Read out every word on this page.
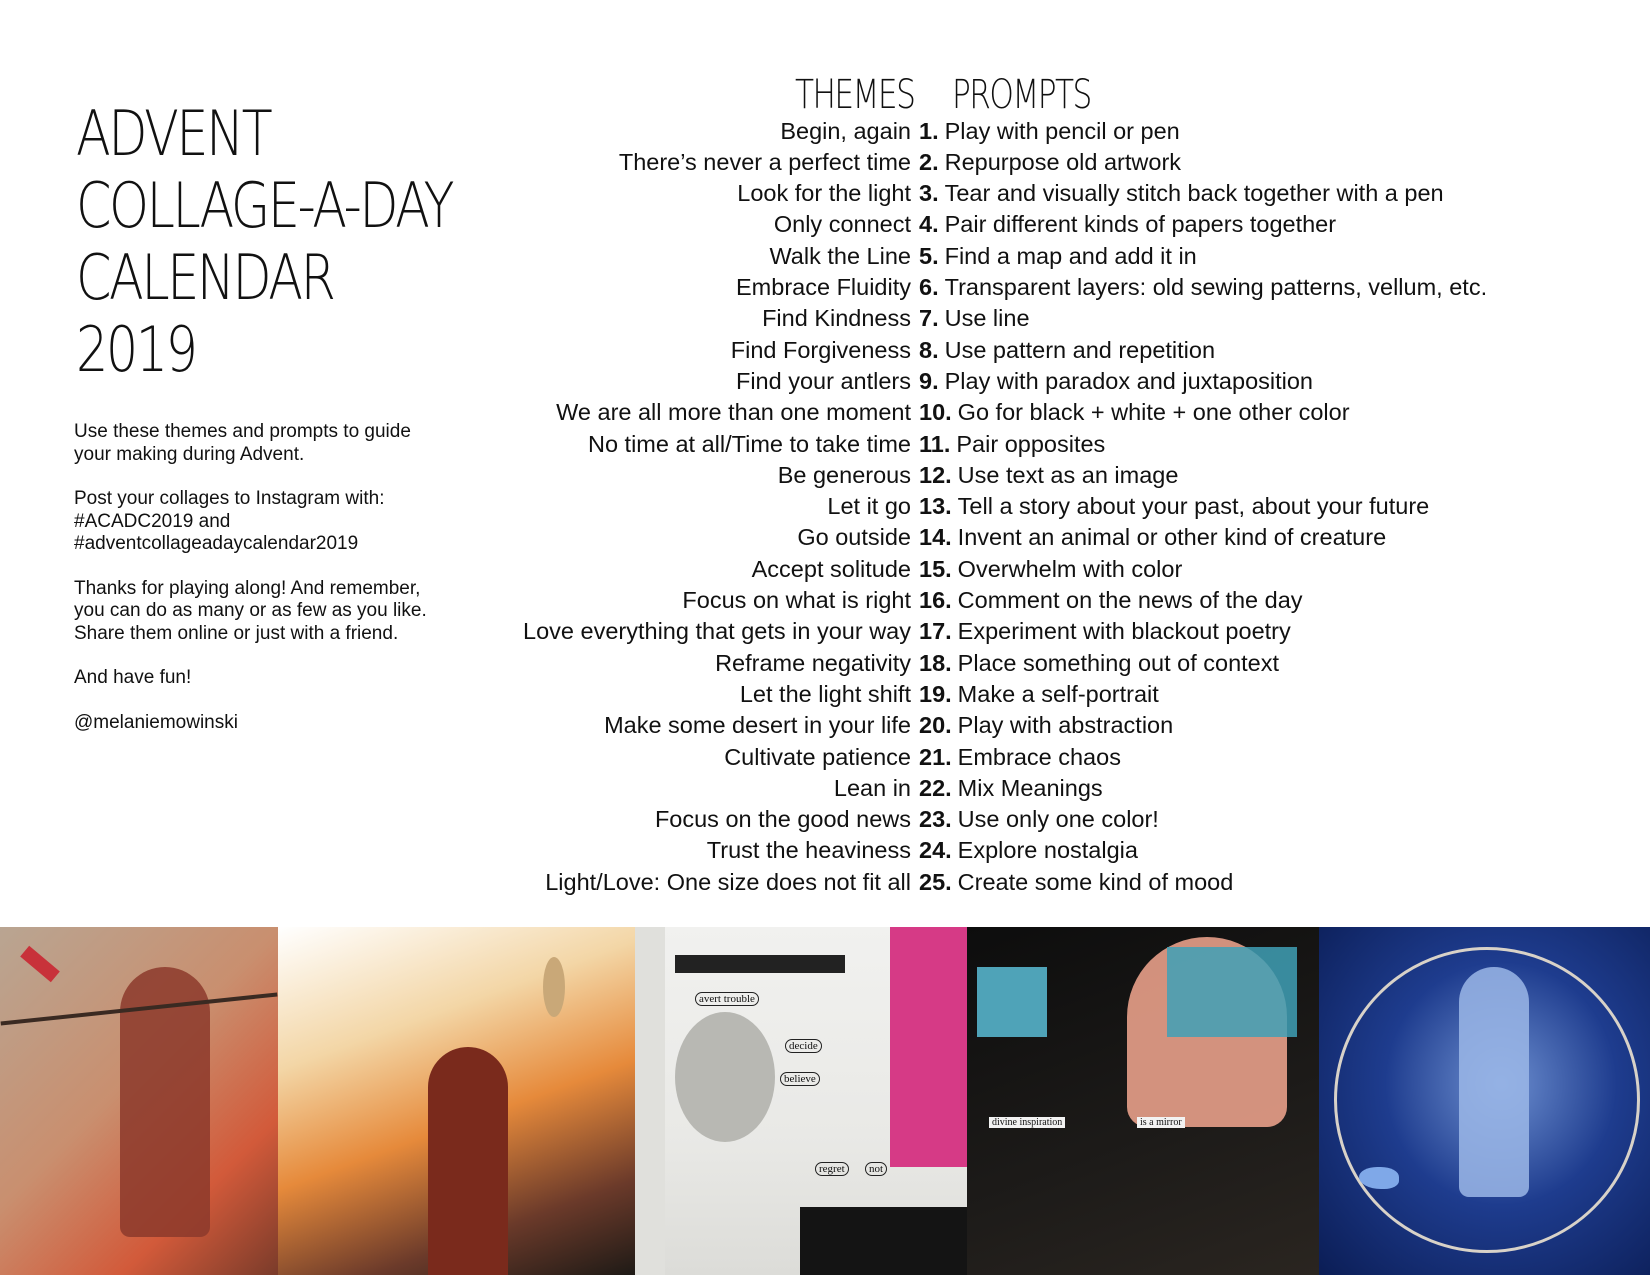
ADVENT
COLLAGE-A-DAY
CALENDAR
2019

Use these themes and prompts to guide your making during Advent.

Post your collages to Instagram with: #ACADC2019 and #adventcollageadaycalendar2019

Thanks for playing along! And remember, you can do as many or as few as you like. Share them online or just with a friend.

And have fun!

@melaniemowinski

THEMES PROMPTS
Begin, again 1. Play with pencil or pen
There’s never a perfect time 2. Repurpose old artwork
Look for the light 3. Tear and visually stitch back together with a pen
Only connect 4. Pair different kinds of papers together
Walk the Line 5. Find a map and add it in
Embrace Fluidity 6. Transparent layers: old sewing patterns, vellum, etc.
Find Kindness 7. Use line
Find Forgiveness 8. Use pattern and repetition
Find your antlers 9. Play with paradox and juxtaposition
We are all more than one moment 10. Go for black + white + one other color
No time at all/Time to take time 11. Pair opposites
Be generous 12. Use text as an image
Let it go 13. Tell a story about your past, about your future
Go outside 14. Invent an animal or other kind of creature
Accept solitude 15. Overwhelm with color
Focus on what is right 16. Comment on the news of the day
Love everything that gets in your way 17. Experiment with blackout poetry
Reframe negativity 18. Place something out of context
Let the light shift 19. Make a self-portrait
Make some desert in your life 20. Play with abstraction
Cultivate patience 21. Embrace chaos
Lean in 22. Mix Meanings
Focus on the good news 23. Use only one color!
Trust the heaviness 24. Explore nostalgia
Light/Love: One size does not fit all 25. Create some kind of mood
avert trouble
decide
believe
regret	not
divine inspiration	is a mirror
